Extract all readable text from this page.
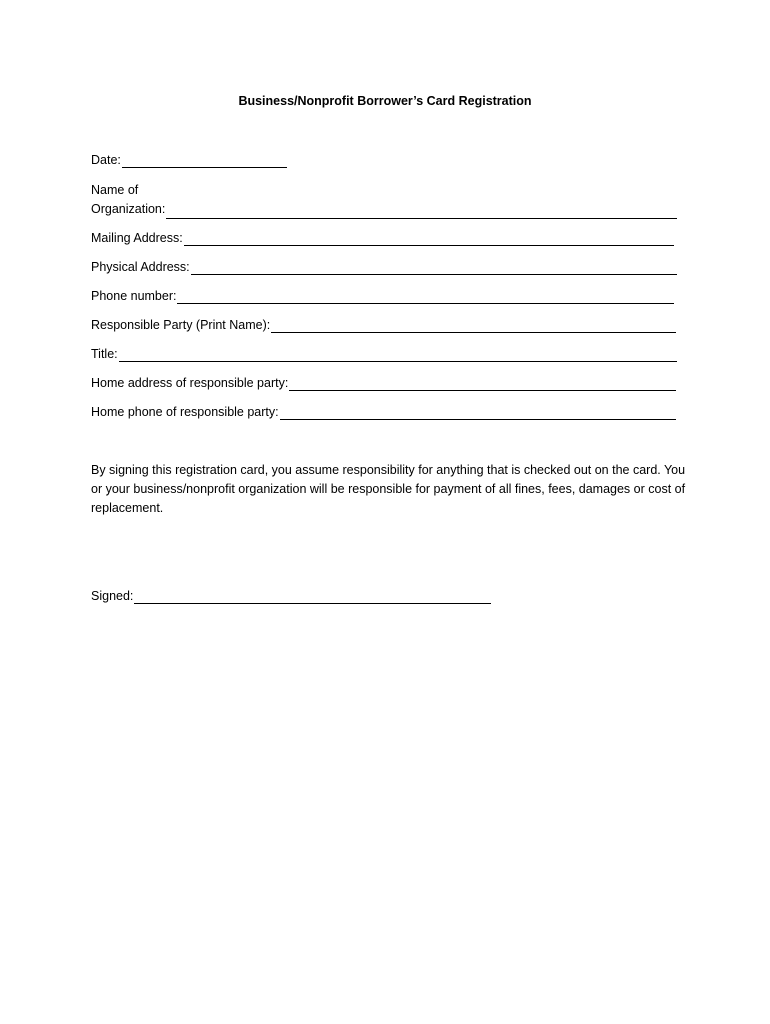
Business/Nonprofit Borrower’s Card Registration
Date:
Name of
Organization:
Mailing Address:
Physical Address:
Phone number:
Responsible Party (Print Name):
Title:
Home address of responsible party:
Home phone of responsible party:
By signing this registration card, you assume responsibility for anything that is checked out on the card. You or your business/nonprofit organization will be responsible for payment of all fines, fees, damages or cost of replacement.
Signed:
